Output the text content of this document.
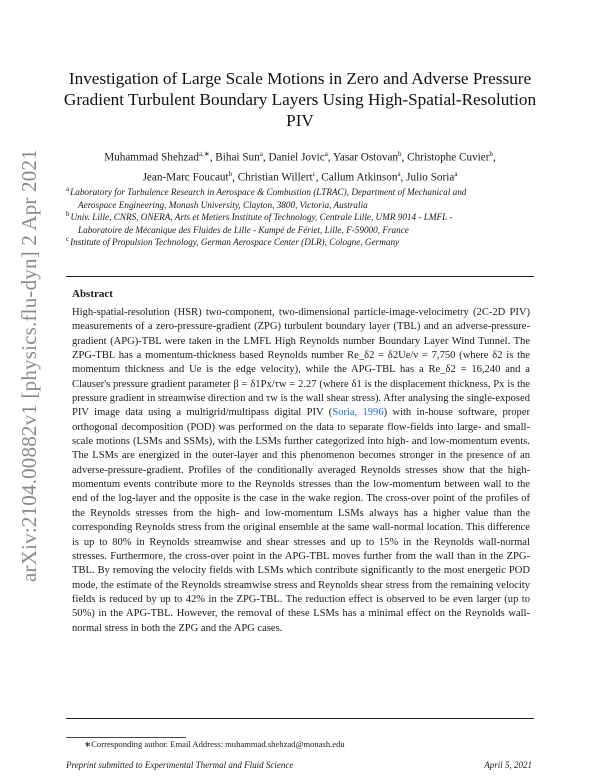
arXiv:2104.00882v1 [physics.flu-dyn] 2 Apr 2021
Investigation of Large Scale Motions in Zero and Adverse Pressure Gradient Turbulent Boundary Layers Using High-Spatial-Resolution PIV
Muhammad Shehzad$^{a,∗}$, Bihai Sun$^a$, Daniel Jovic$^a$, Yasar Ostovan$^b$, Christophe Cuvier$^b$,
Jean-Marc Foucaut$^b$, Christian Willert$^c$, Callum Atkinson$^a$, Julio Soria$^a$
$^a$Laboratory for Turbulence Research in Aerospace & Combustion (LTRAC), Department of Mechanical and
Aerospace Engineering, Monash University, Clayton, 3800, Victoria, Australia
$^b$Univ. Lille, CNRS, ONERA, Arts et Metiers Institute of Technology, Centrale Lille, UMR 9014 - LMFL -
Laboratoire de Mécanique des Fluides de Lille - Kampé de Fériet, Lille, F-59000, France
$^c$Institute of Propulsion Technology, German Aerospace Center (DLR), Cologne, Germany
Abstract
High-spatial-resolution (HSR) two-component, two-dimensional particle-image-velocimetry (2C-2D PIV) measurements of a zero-pressure-gradient (ZPG) turbulent boundary layer (TBL) and an adverse-pressure-gradient (APG)-TBL were taken in the LMFL High Reynolds number Boundary Layer Wind Tunnel. The ZPG-TBL has a momentum-thickness based Reynolds number Re_δ2 = δ2Ue/ν = 7,750 (where δ2 is the momentum thickness and Ue is the edge velocity), while the APG-TBL has a Re_δ2 = 16,240 and a Clauser's pressure gradient parameter β = δ1Px/τw = 2.27 (where δ1 is the displacement thickness, Px is the pressure gradient in streamwise direction and τw is the wall shear stress). After analysing the single-exposed PIV image data using a multigrid/multipass digital PIV (Soria, 1996) with in-house software, proper orthogonal decomposition (POD) was performed on the data to separate flow-fields into large- and small-scale motions (LSMs and SSMs), with the LSMs further categorized into high- and low-momentum events. The LSMs are energized in the outer-layer and this phenomenon becomes stronger in the presence of an adverse-pressure-gradient. Profiles of the conditionally averaged Reynolds stresses show that the high-momentum events contribute more to the Reynolds stresses than the low-momentum between wall to the end of the log-layer and the opposite is the case in the wake region. The cross-over point of the profiles of the Reynolds stresses from the high- and low-momentum LSMs always has a higher value than the corresponding Reynolds stress from the original ensemble at the same wall-normal location. This difference is up to 80% in Reynolds streamwise and shear stresses and up to 15% in the Reynolds wall-normal stresses. Furthermore, the cross-over point in the APG-TBL moves further from the wall than in the ZPG-TBL. By removing the velocity fields with LSMs which contribute significantly to the most energetic POD mode, the estimate of the Reynolds streamwise stress and Reynolds shear stress from the remaining velocity fields is reduced by up to 42% in the ZPG-TBL. The reduction effect is observed to be even larger (up to 50%) in the APG-TBL. However, the removal of these LSMs has a minimal effect on the Reynolds wall-normal stress in both the ZPG and the APG cases.
∗Corresponding author. Email Address: muhammad.shehzad@monash.edu
Preprint submitted to Experimental Thermal and Fluid Science	April 5, 2021
